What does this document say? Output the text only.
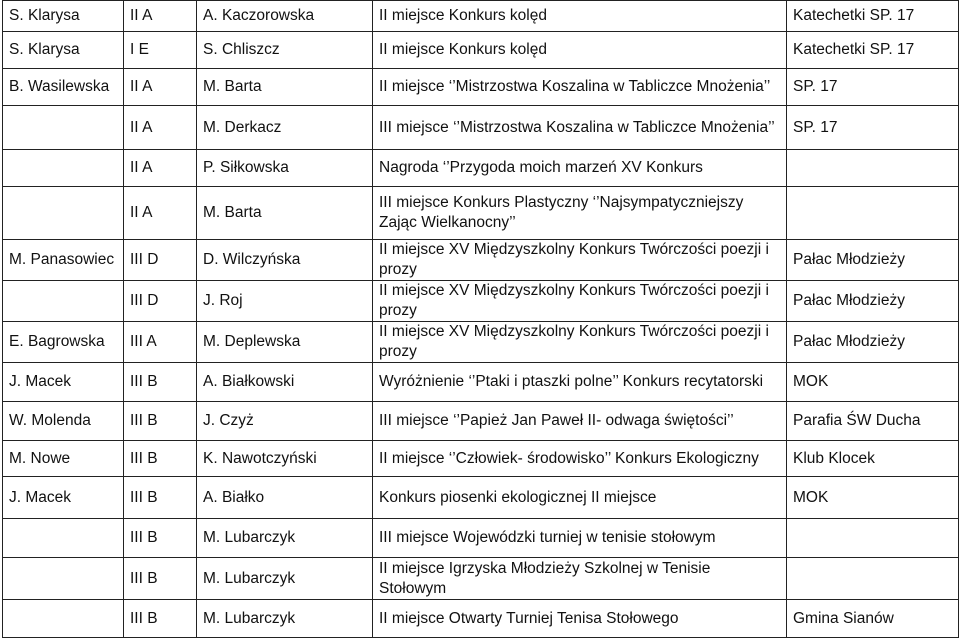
S. Klarysa	II A	A. Kaczorowska	II miejsce Konkurs kolęd	Katechetki SP. 17
S. Klarysa	I E	S. Chliszcz	II miejsce Konkurs kolęd	Katechetki SP. 17
B. Wasilewska	II A	M. Barta	II miejsce ‘’Mistrzostwa Koszalina w Tabliczce Mnożenia’’	SP. 17
	II A	M. Derkacz	III miejsce ‘’Mistrzostwa Koszalina w Tabliczce Mnożenia’’	SP. 17
	II A	P. Siłkowska	Nagroda ‘’Przygoda moich marzeń XV Konkurs	
	II A	M. Barta	III miejsce Konkurs Plastyczny ‘’Najsympatyczniejszy Zając Wielkanocny’’	
M. Panasowiec	III D	D. Wilczyńska	II miejsce XV Międzyszkolny Konkurs Twórczości poezji i prozy	Pałac Młodzieży
	III D	J. Roj	II miejsce XV Międzyszkolny Konkurs Twórczości poezji i prozy	Pałac Młodzieży
E. Bagrowska	III A	M. Deplewska	II miejsce XV Międzyszkolny Konkurs Twórczości poezji i prozy	Pałac Młodzieży
J. Macek	III B	A. Białkowski	Wyróżnienie ‘’Ptaki i ptaszki polne’’ Konkurs recytatorski	MOK
W. Molenda	III B	J. Czyż	III miejsce ‘’Papież Jan Paweł II- odwaga świętości’’	Parafia ŚW Ducha
M. Nowe	III B	K. Nawotczyński	II miejsce ‘’Człowiek- środowisko’’ Konkurs Ekologiczny	Klub Klocek
J. Macek	III B	A. Białko	Konkurs piosenki ekologicznej II miejsce	MOK
	III B	M. Lubarczyk	III miejsce Wojewódzki turniej w tenisie stołowym	
	III B	M. Lubarczyk	II miejsce Igrzyska Młodzieży Szkolnej w Tenisie Stołowym	
	III B	M. Lubarczyk	II miejsce Otwarty Turniej Tenisa Stołowego	Gmina Sianów
